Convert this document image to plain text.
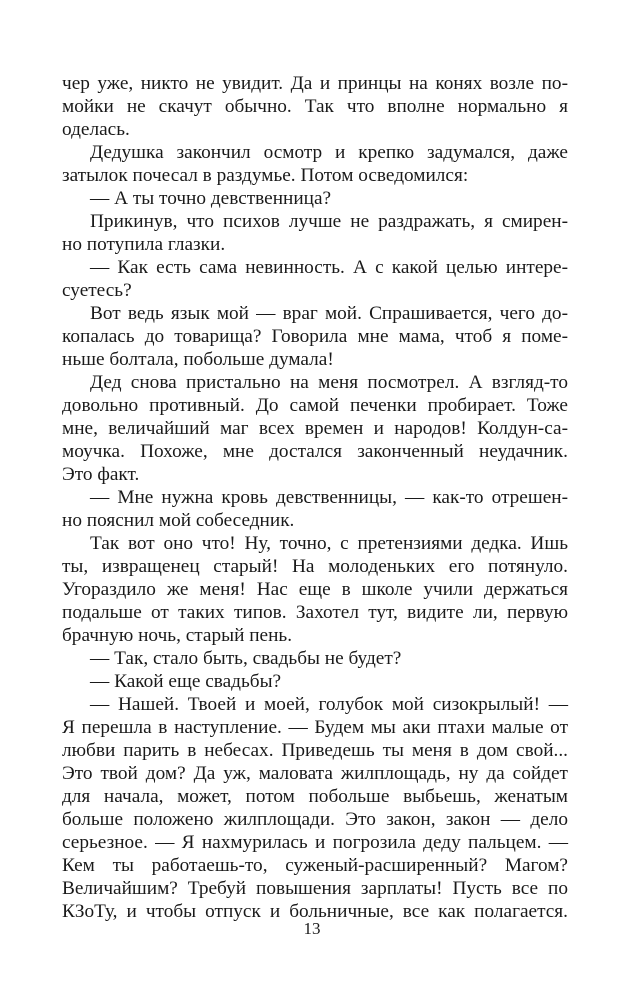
чер уже, никто не увидит. Да и принцы на конях возле по-
мойки не скачут обычно. Так что вполне нормально я
оделась.
Дедушка закончил осмотр и крепко задумался, даже
затылок почесал в раздумье. Потом осведомился:
— А ты точно девственница?
Прикинув, что психов лучше не раздражать, я смирен-
но потупила глазки.
— Как есть сама невинность. А с какой целью интере-
суетесь?
Вот ведь язык мой — враг мой. Спрашивается, чего до-
копалась до товарища? Говорила мне мама, чтоб я поме-
ньше болтала, побольше думала!
Дед снова пристально на меня посмотрел. А взгляд-то
довольно противный. До самой печенки пробирает. Тоже
мне, величайший маг всех времен и народов! Колдун-са-
моучка. Похоже, мне достался законченный неудачник.
Это факт.
— Мне нужна кровь девственницы, — как-то отрешен-
но пояснил мой собеседник.
Так вот оно что! Ну, точно, с претензиями дедка. Ишь
ты, извращенец старый! На молоденьких его потянуло.
Угораздило же меня! Нас еще в школе учили держаться
подальше от таких типов. Захотел тут, видите ли, первую
брачную ночь, старый пень.
— Так, стало быть, свадьбы не будет?
— Какой еще свадьбы?
— Нашей. Твоей и моей, голубок мой сизокрылый! —
Я перешла в наступление. — Будем мы аки птахи малые от
любви парить в небесах. Приведешь ты меня в дом свой...
Это твой дом? Да уж, маловата жилплощадь, ну да сойдет
для начала, может, потом побольше выбьешь, женатым
больше положено жилплощади. Это закон, закон — дело
серьезное. — Я нахмурилась и погрозила деду пальцем. —
Кем ты работаешь-то, суженый-расширенный? Магом?
Величайшим? Требуй повышения зарплаты! Пусть все по
КЗоТу, и чтобы отпуск и больничные, все как полагается.
13
